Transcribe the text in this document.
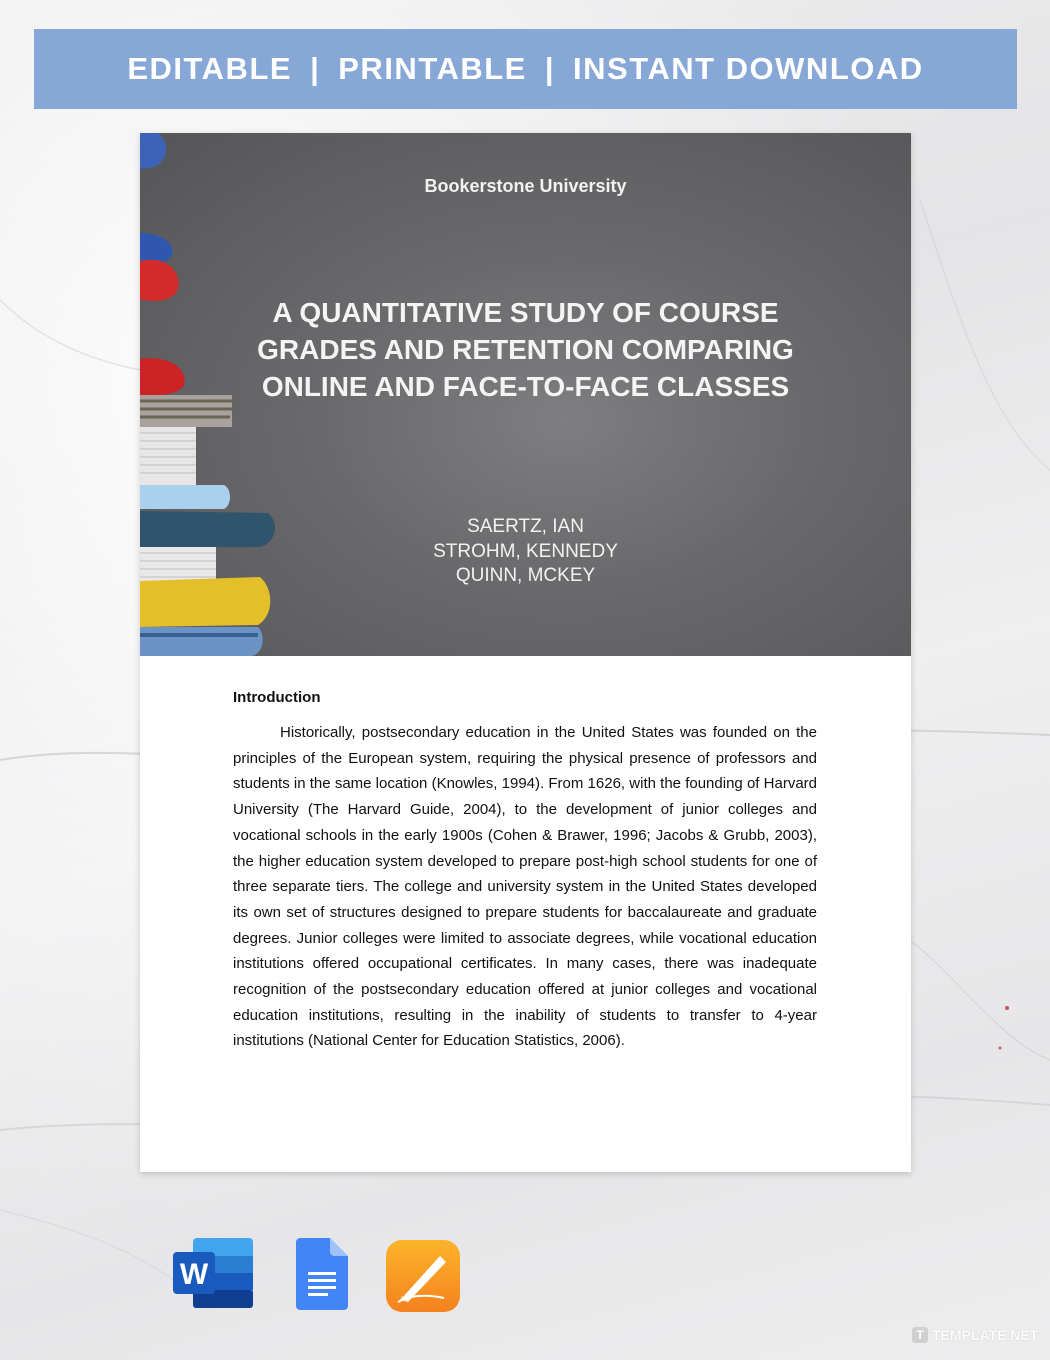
EDITABLE | PRINTABLE | INSTANT DOWNLOAD
Bookerstone University
A QUANTITATIVE STUDY OF COURSE
GRADES AND RETENTION COMPARING
ONLINE AND FACE-TO-FACE CLASSES
SAERTZ, IAN
STROHM, KENNEDY
QUINN, MCKEY

Introduction

Historically, postsecondary education in the United States was founded on the principles of the European system, requiring the physical presence of professors and students in the same location (Knowles, 1994). From 1626, with the founding of Harvard University (The Harvard Guide, 2004), to the development of junior colleges and vocational schools in the early 1900s (Cohen & Brawer, 1996; Jacobs & Grubb, 2003), the higher education system developed to prepare post-high school students for one of three separate tiers. The college and university system in the United States developed its own set of structures designed to prepare students for baccalaureate and graduate degrees. Junior colleges were limited to associate degrees, while vocational education institutions offered occupational certificates. In many cases, there was inadequate recognition of the postsecondary education offered at junior colleges and vocational education institutions, resulting in the inability of students to transfer to 4-year institutions (National Center for Education Statistics, 2006).

W
T TEMPLATE.NET
